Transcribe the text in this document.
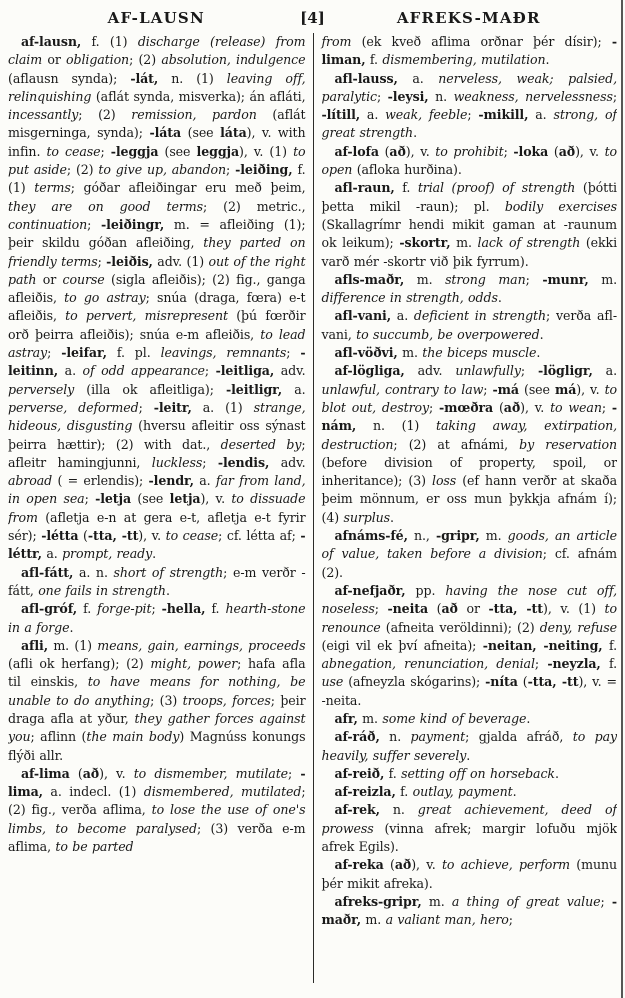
AF-LAUSN	[4]	AFREKS-MAÐR

af-lausn, f. (1) discharge (release) from claim or obligation; (2) absolution, indulgence (aflausn synda); -lát, n. (1) leaving off, relinquishing (aflát synda, misverka); án afláti, incessantly; (2) remission, pardon (aflát misgerninga, synda); -láta (see láta), v. with infin. to cease; -leggja (see leggja), v. (1) to put aside; (2) to give up, abandon; -leiðing, f. (1) terms; góðar afleiðingar eru með þeim, they are on good terms; (2) metric., continuation; -leiðingr, m. = afleiðing (1); þeir skildu góðan afleiðing, they parted on friendly terms; -leiðis, adv. (1) out of the right path or course (sigla afleiðis); (2) fig., ganga afleiðis, to go astray; snúa (draga, fœra) e-t afleiðis, to pervert, misrepresent (þú fœrðir orð þeirra afleiðis); snúa e-m afleiðis, to lead astray; -leifar, f. pl. leavings, remnants; -leitinn, a. of odd appearance; -leitliga, adv. perversely (illa ok afleitliga); -leitligr, a. perverse, deformed; -leitr, a. (1) strange, hideous, disgusting (hversu afleitir oss sýnast þeirra hættir); (2) with dat., deserted by; afleitr hamingjunni, luckless; -lendis, adv. abroad ( = erlendis); -lendr, a. far from land, in open sea; -letja (see letja), v. to dissuade from (afletja e-n at gera e-t, afletja e-t fyrir sér); -létta (-tta, -tt), v. to cease; cf. létta af; -léttr, a. prompt, ready.

afl-fátt, a. n. short of strength; e-m verðr -fátt, one fails in strength.

afl-gróf, f. forge-pit; -hella, f. hearth-stone in a forge.

afli, m. (1) means, gain, earnings, proceeds (afli ok herfang); (2) might, power; hafa afla til einskis, to have means for nothing, be unable to do anything; (3) troops, forces; þeir draga afla at yður, they gather forces against you; aflinn (the main body) Magnúss konungs flýði allr.

af-lima (að), v. to dismember, mutilate; -lima, a. indecl. (1) dismembered, mutilated; (2) fig., verða aflima, to lose the use of one's limbs, to become paralysed; (3) verða e-m aflima, to be parted

from (ek kveð aflima orðnar þér dísir); -liman, f. dismembering, mutilation.

afl-lauss, a. nerveless, weak; palsied, paralytic; -leysi, n. weakness, nervelessness; -lítill, a. weak, feeble; -mikill, a. strong, of great strength.

af-lofa (að), v. to prohibit; -loka (að), v. to open (afloka hurðina).

afl-raun, f. trial (proof) of strength (þótti þetta mikil -raun); pl. bodily exercises (Skallagrímr hendi mikit gaman at -raunum ok leikum); -skortr, m. lack of strength (ekki varð mér -skortr við þik fyrrum).

afls-maðr, m. strong man; -munr, m. difference in strength, odds.

afl-vani, a. deficient in strength; verða afl-vani, to succumb, be overpowered.

afl-vöðvi, m. the biceps muscle.

af-lögliga, adv. unlawfully; -lögligr, a. unlawful, contrary to law; -má (see má), v. to blot out, destroy; -mœðra (að), v. to wean; -nám, n. (1) taking away, extirpation, destruction; (2) at afnámi, by reservation (before division of property, spoil, or inheritance); (3) loss (ef hann verðr at skaða þeim mönnum, er oss mun þykkja afnám í); (4) surplus.

afnáms-fé, n., -gripr, m. goods, an article of value, taken before a division; cf. afnám (2).

af-nefjaðr, pp. having the nose cut off, noseless; -neita (að or -tta, -tt), v. (1) to renounce (afneita veröldinni); (2) deny, refuse (eigi vil ek því afneita); -neitan, -neiting, f. abnegation, renunciation, denial; -neyzla, f. use (afneyzla skógarins); -níta (-tta, -tt), v. = -neita.

afr, m. some kind of beverage.

af-ráð, n. payment; gjalda afráð, to pay heavily, suffer severely.

af-reið, f. setting off on horseback.

af-reizla, f. outlay, payment.

af-rek, n. great achievement, deed of prowess (vinna afrek; margir lofuðu mjök afrek Egils).

af-reka (að), v. to achieve, perform (munu þér mikit afreka).

afreks-gripr, m. a thing of great value; -maðr, m. a valiant man, hero;
